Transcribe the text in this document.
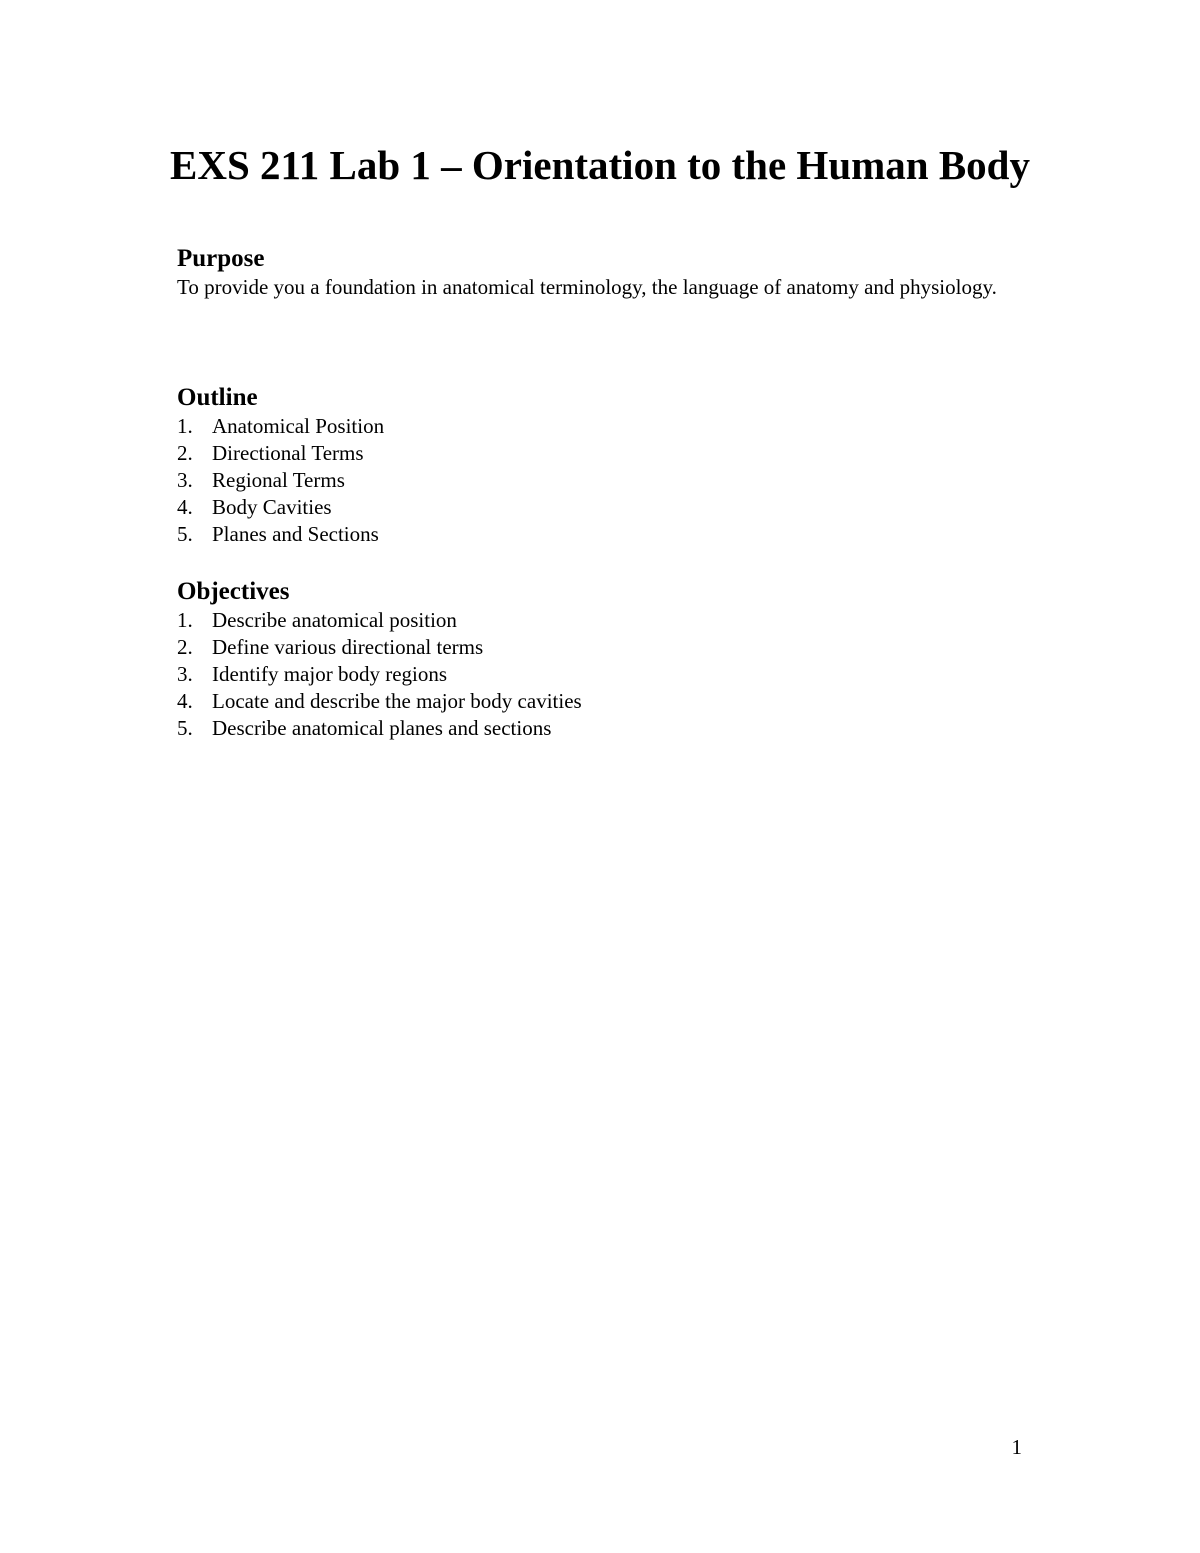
EXS 211 Lab 1 – Orientation to the Human Body
Purpose

To provide you a foundation in anatomical terminology, the language of anatomy and physiology.

Outline
1. Anatomical Position
2. Directional Terms
3. Regional Terms
4. Body Cavities
5. Planes and Sections
Objectives
1. Describe anatomical position
2. Define various directional terms
3. Identify major body regions
4. Locate and describe the major body cavities
5. Describe anatomical planes and sections
1
